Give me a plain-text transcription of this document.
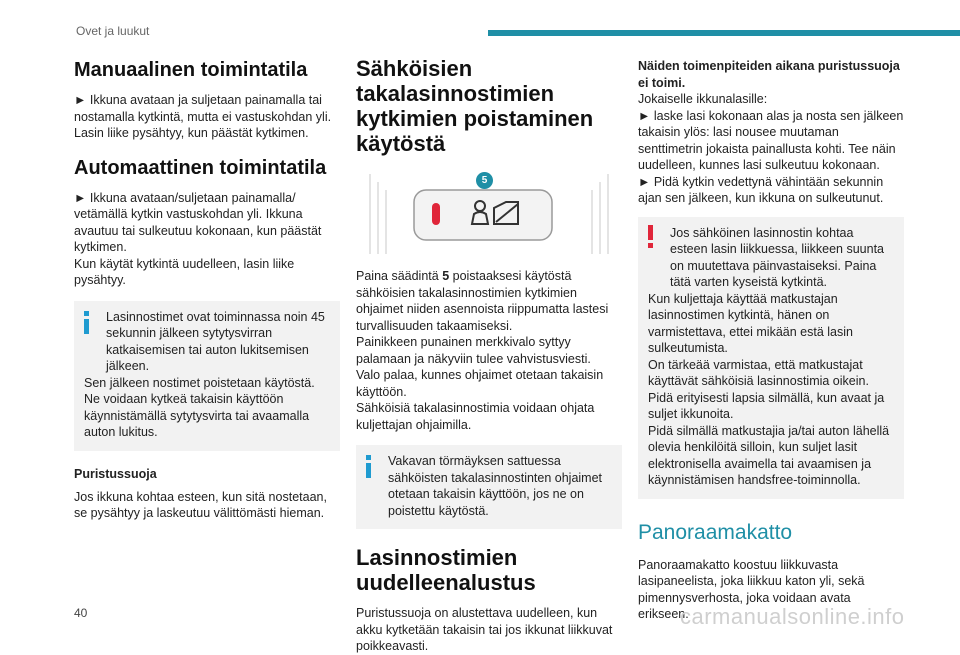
Ovet ja luukut
Manuaalinen toimintatila

► Ikkuna avataan ja suljetaan painamalla tai nostamalla kytkintä, mutta ei vastuskohdan yli. Lasin liike pysähtyy, kun päästät kytkimen.

Automaattinen toimintatila

► Ikkuna avataan/suljetaan painamalla/ vetämällä kytkin vastuskohdan yli. Ikkuna avautuu tai sulkeutuu kokonaan, kun päästät kytkimen.

Kun käytät kytkintä uudelleen, lasin liike pysähtyy.

Lasinnostimet ovat toiminnassa noin 45 sekunnin jälkeen sytytysvirran katkaisemisen tai auton lukitsemisen jälkeen.

Sen jälkeen nostimet poistetaan käytöstä.

Ne voidaan kytkeä takaisin käyttöön käynnistämällä sytytysvirta tai avaamalla auton lukitus.

Puristussuoja

Jos ikkuna kohtaa esteen, kun sitä nostetaan, se pysähtyy ja laskeutuu välittömästi hieman.

Sähköisien takalasinnostimien kytkimien poistaminen käytöstä
5

Paina säädintä 5 poistaaksesi käytöstä sähköisien takalasinnostimien kytkimien ohjaimet niiden asennoista riippumatta lastesi turvallisuuden takaamiseksi.

Painikkeen punainen merkkivalo syttyy palamaan ja näkyviin tulee vahvistusviesti.

Valo palaa, kunnes ohjaimet otetaan takaisin käyttöön.

Sähköisiä takalasinnostimia voidaan ohjata kuljettajan ohjaimilla.

Vakavan törmäyksen sattuessa sähköisten takalasinnostinten ohjaimet otetaan takaisin käyttöön, jos ne on poistettu käytöstä.

Lasinnostimien uudelleenalustus

Puristussuoja on alustettava uudelleen, kun akku kytketään takaisin tai jos ikkunat liikkuvat poikkeavasti.

Näiden toimenpiteiden aikana puristussuoja ei toimi.

Jokaiselle ikkunalasille:

► laske lasi kokonaan alas ja nosta sen jälkeen takaisin ylös: lasi nousee muutaman senttimetrin jokaista painallusta kohti. Tee näin uudelleen, kunnes lasi sulkeutuu kokonaan.

► Pidä kytkin vedettynä vähintään sekunnin ajan sen jälkeen, kun ikkuna on sulkeutunut.

Jos sähköinen lasinnostin kohtaa esteen lasin liikkuessa, liikkeen suunta on muutettava päinvastaiseksi. Paina tätä varten kyseistä kytkintä.

Kun kuljettaja käyttää matkustajan lasinnostimen kytkintä, hänen on varmistettava, ettei mikään estä lasin sulkeutumista.

On tärkeää varmistaa, että matkustajat käyttävät sähköisiä lasinnostimia oikein.

Pidä erityisesti lapsia silmällä, kun avaat ja suljet ikkunoita.

Pidä silmällä matkustajia ja/tai auton lähellä olevia henkilöitä silloin, kun suljet lasit elektronisella avaimella tai avaamisen ja käynnistämisen handsfree-toiminnolla.

Panoraamakatto

Panoraamakatto koostuu liikkuvasta lasipaneelista, joka liikkuu katon yli, sekä pimennysverhosta, joka voidaan avata erikseen.

40	carmanualsonline.info
